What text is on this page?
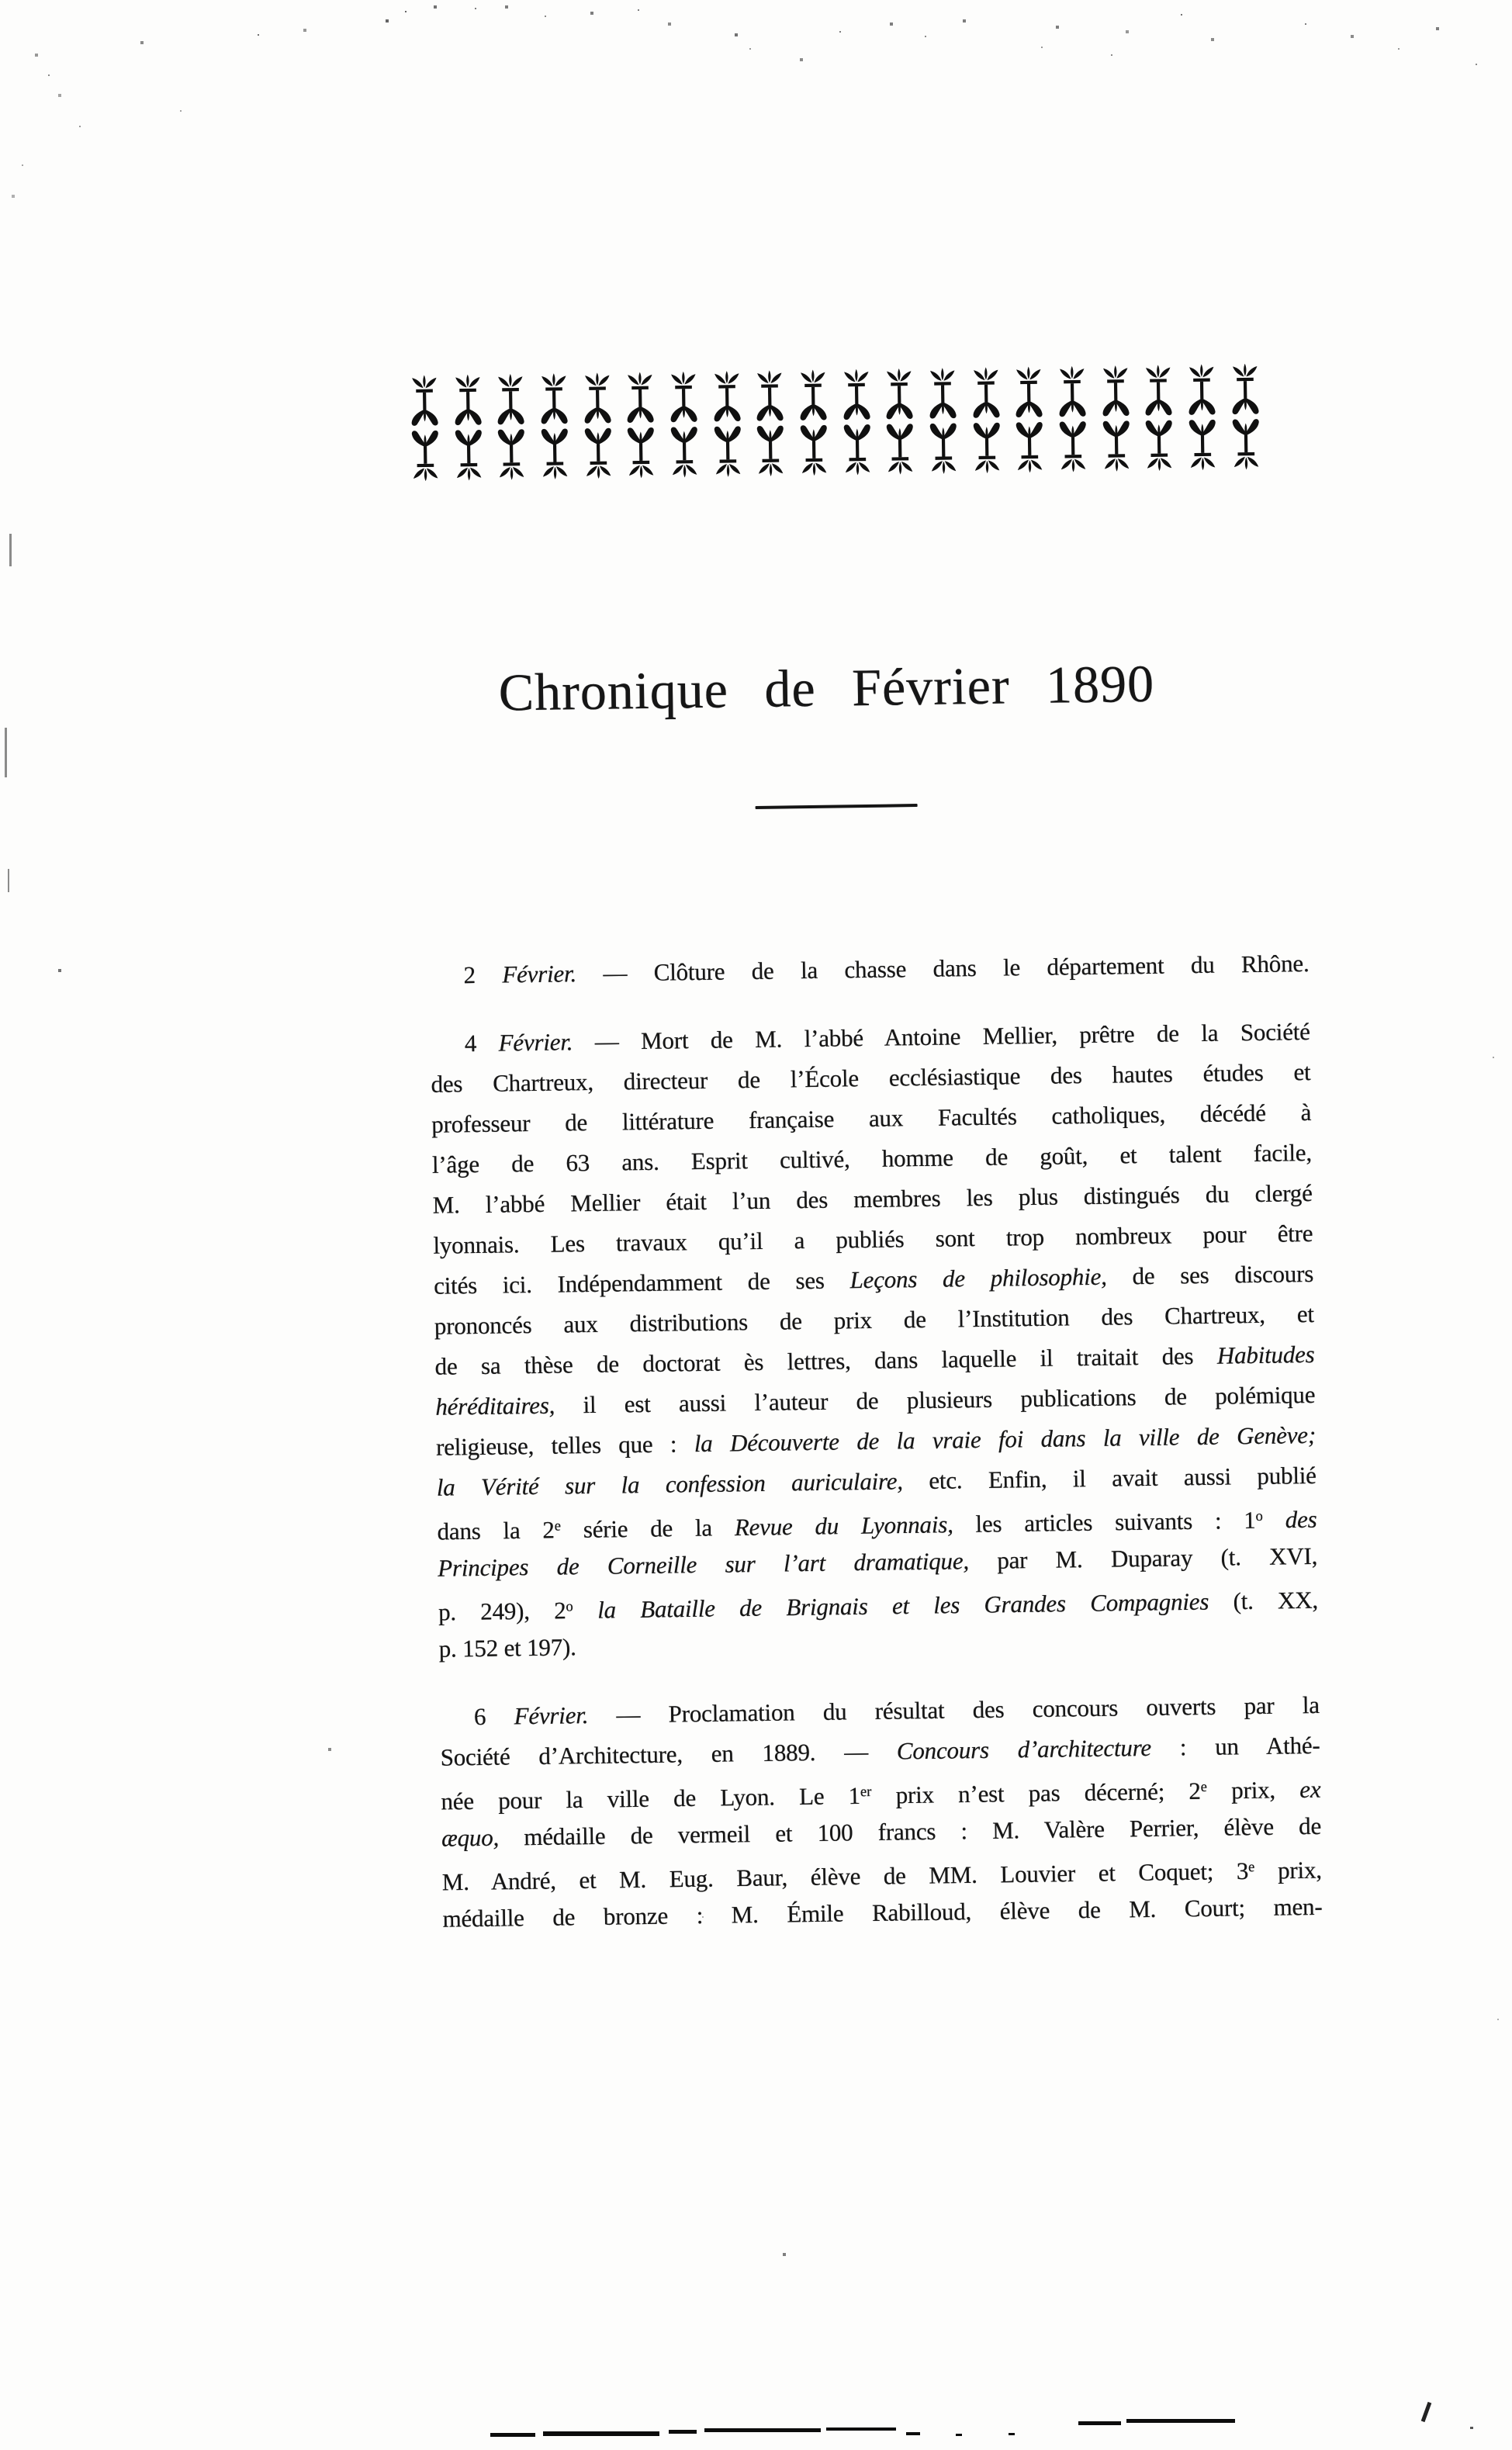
Chronique de Février 1890
2 Février. — Clôture de la chasse dans le département du Rhône.
4 Février. — Mort de M. l’abbé Antoine Mellier, prêtre de la Société
des Chartreux, directeur de l’École ecclésiastique des hautes études et
professeur de littérature française aux Facultés catholiques, décédé à
l’âge de 63 ans. Esprit cultivé, homme de goût, et talent facile,
M. l’abbé Mellier était l’un des membres les plus distingués du clergé
lyonnais. Les travaux qu’il a publiés sont trop nombreux pour être
cités ici. Indépendamment de ses Leçons de philosophie, de ses discours
prononcés aux distributions de prix de l’Institution des Chartreux, et
de sa thèse de doctorat ès lettres, dans laquelle il traitait des Habitudes
héréditaires, il est aussi l’auteur de plusieurs publications de polémique
religieuse, telles que : la Découverte de la vraie foi dans la ville de Genève;
la Vérité sur la confession auriculaire, etc. Enfin, il avait aussi publié
dans la 2e série de la Revue du Lyonnais, les articles suivants : 1$^o$ des
Principes de Corneille sur l’art dramatique, par M. Duparay (t. XVI,
p. 249), 2$^o$ la Bataille de Brignais et les Grandes Compagnies (t. XX,
p. 152 et 197).
6 Février. — Proclamation du résultat des concours ouverts par la
Société d’Architecture, en 1889. — Concours d’architecture : un Athé-
née pour la ville de Lyon. Le 1er prix n’est pas décerné; 2e prix, ex
æquo, médaille de vermeil et 100 francs : M. Valère Perrier, élève de
M. André, et M. Eug. Baur, élève de MM. Louvier et Coquet; 3e prix,
médaille de bronze : M. Émile Rabilloud, élève de M. Court; men-
